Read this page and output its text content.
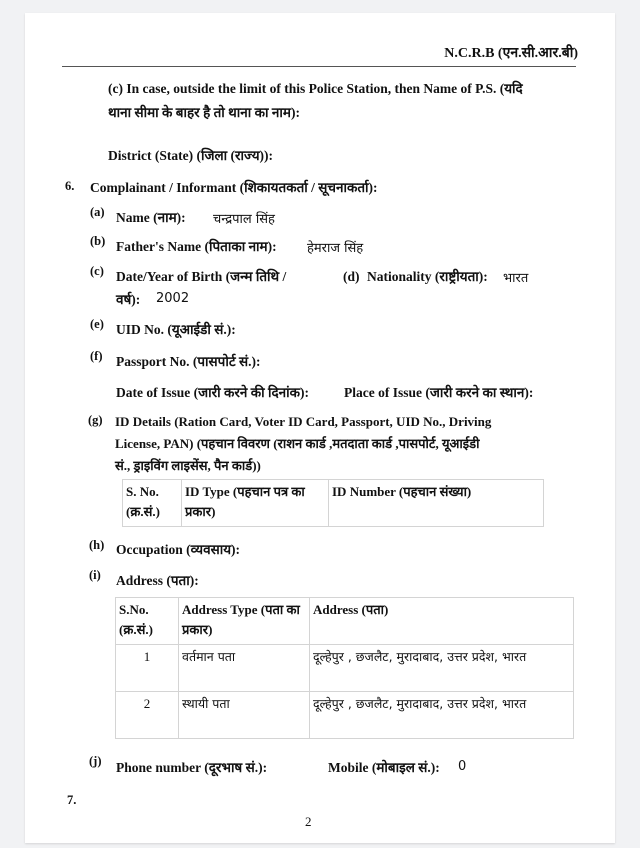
N.C.R.B (एन.सी.आर.बी)
(c) In case, outside the limit of this Police Station, then Name of P.S. (यदि
थाना सीमा के बाहर है तो थाना का नाम):
District (State) (जिला (राज्य)):
6. Complainant / Informant (शिकायतकर्ता / सूचनाकर्ता):
(a) Name (नाम): चन्द्रपाल सिंह
(b) Father's Name (पिताका नाम): हेमराज सिंह
(c) Date/Year of Birth (जन्म तिथि /
वर्ष): 2002
(d) Nationality (राष्ट्रीयता): भारत
(e) UID No. (यूआईडी सं.):
(f) Passport No. (पासपोर्ट सं.):
Date of Issue (जारी करने की दिनांक):	Place of Issue (जारी करने का स्थान):
(g) ID Details (Ration Card, Voter ID Card, Passport, UID No., Driving
License, PAN) (पहचान विवरण (राशन कार्ड ,मतदाता कार्ड ,पासपोर्ट, यूआईडी
सं., ड्राइविंग लाइसेंस, पैन कार्ड))
S. No. (क्र.सं.)	ID Type (पहचान पत्र का प्रकार)	ID Number (पहचान संख्या)
(h) Occupation (व्यवसाय):
(i) Address (पता):
S.No. (क्र.सं.)	Address Type (पता का प्रकार)	Address (पता)
1	वर्तमान पता	दूल्हेपुर , छजलैट, मुरादाबाद, उत्तर प्रदेश, भारत
2	स्थायी पता	दूल्हेपुर , छजलैट, मुरादाबाद, उत्तर प्रदेश, भारत
(j) Phone number (दूरभाष सं.):	Mobile (मोबाइल सं.): 0
7.
2
